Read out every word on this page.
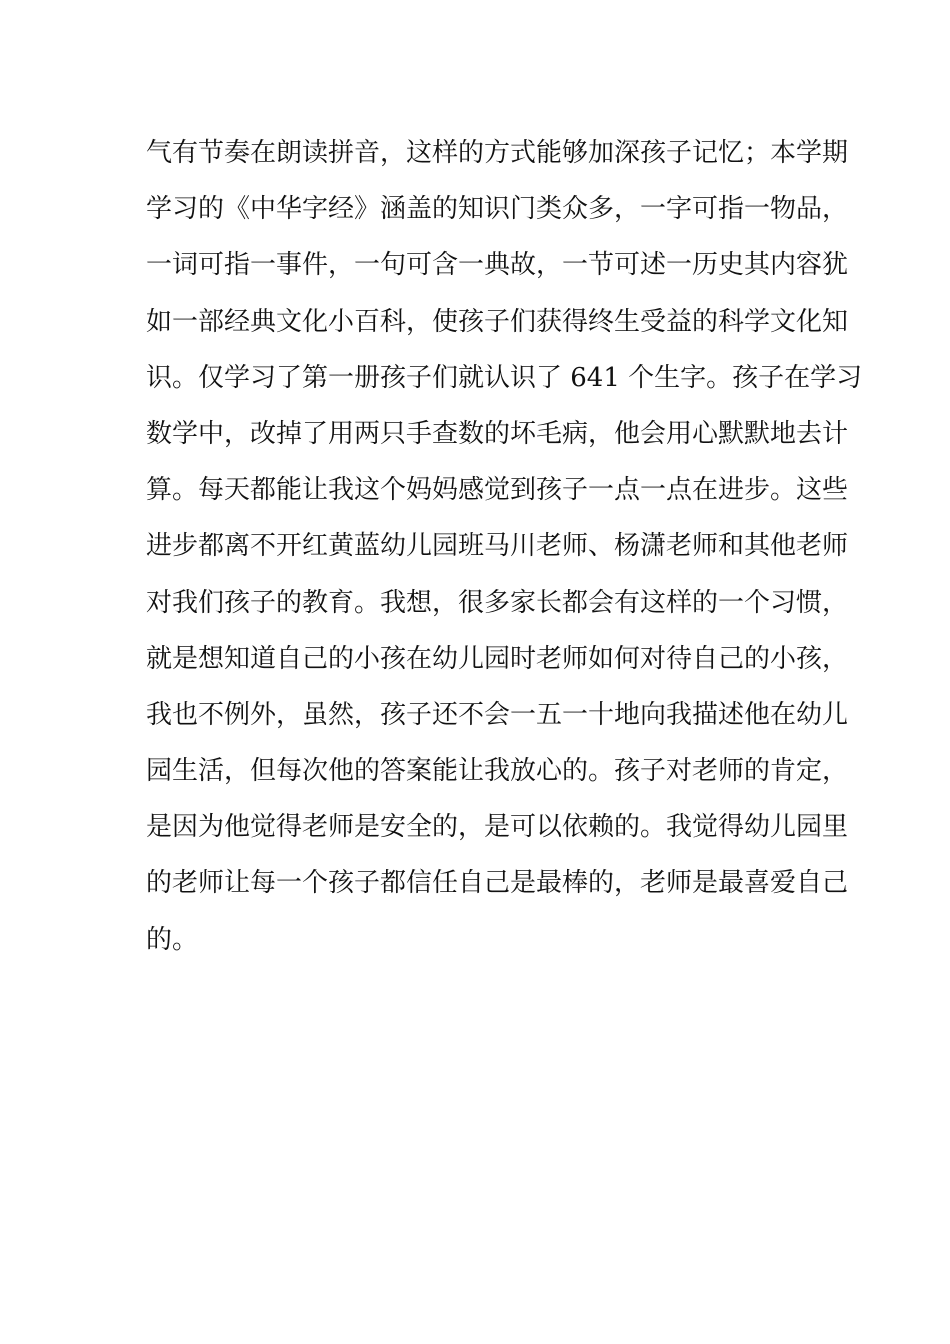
气有节奏在朗读拼音，这样的方式能够加深孩子记忆；本学期
学习的《中华字经》涵盖的知识门类众多，一字可指一物品，
一词可指一事件，一句可含一典故，一节可述一历史其内容犹
如一部经典文化小百科，使孩子们获得终生受益的科学文化知
识。仅学习了第一册孩子们就认识了 641 个生字。孩子在学习
数学中，改掉了用两只手查数的坏毛病，他会用心默默地去计
算。每天都能让我这个妈妈感觉到孩子一点一点在进步。这些
进步都离不开红黄蓝幼儿园班马川老师、杨潇老师和其他老师
对我们孩子的教育。我想，很多家长都会有这样的一个习惯，
就是想知道自己的小孩在幼儿园时老师如何对待自己的小孩，
我也不例外，虽然，孩子还不会一五一十地向我描述他在幼儿
园生活，但每次他的答案能让我放心的。孩子对老师的肯定，
是因为他觉得老师是安全的，是可以依赖的。我觉得幼儿园里
的老师让每一个孩子都信任自己是最棒的，老师是最喜爱自己
的。
